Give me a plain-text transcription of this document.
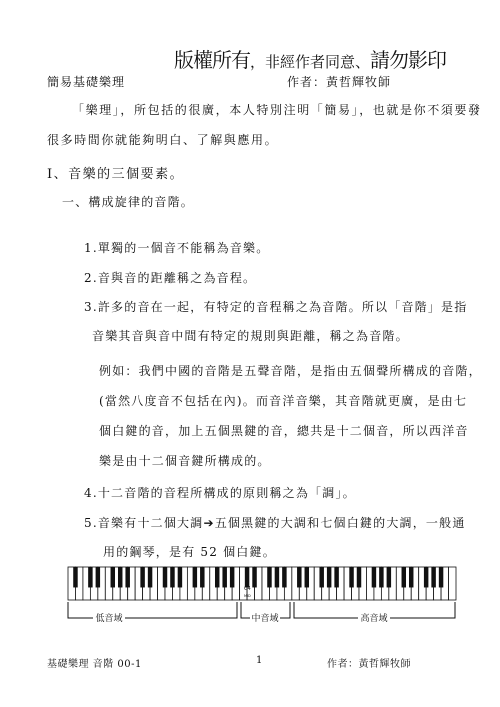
版權所有，非經作者同意、請勿影印
簡易基礎樂理	作者：黃哲輝牧師
「樂理」，所包括的很廣，本人特別注明「簡易」，也就是你不須要發
很多時間你就能夠明白、了解與應用。
Ⅰ、音樂的三個要素。
一、構成旋律的音階。
1.單獨的一個音不能稱為音樂。
2.音與音的距離稱之為音程。
3.許多的音在一起，有特定的音程稱之為音階。所以「音階」是指
音樂其音與音中間有特定的規則與距離，稱之為音階。
例如：我們中國的音階是五聲音階，是指由五個聲所構成的音階，
(當然八度音不包括在內)。而音洋音樂，其音階就更廣，是由七
個白鍵的音，加上五個黑鍵的音，總共是十二個音，所以西洋音
樂是由十二個音鍵所構成的。
4.十二音階的音程所構成的原則稱之為「調」。
5.音樂有十二個大調➔五個黑鍵的大調和七個白鍵的大調，一般通
用的鋼琴，是有 52 個白鍵。
C4
MID
低音域	中音域	高音域
基礎樂理 音階 00-1	1	作者：黃哲輝牧師
